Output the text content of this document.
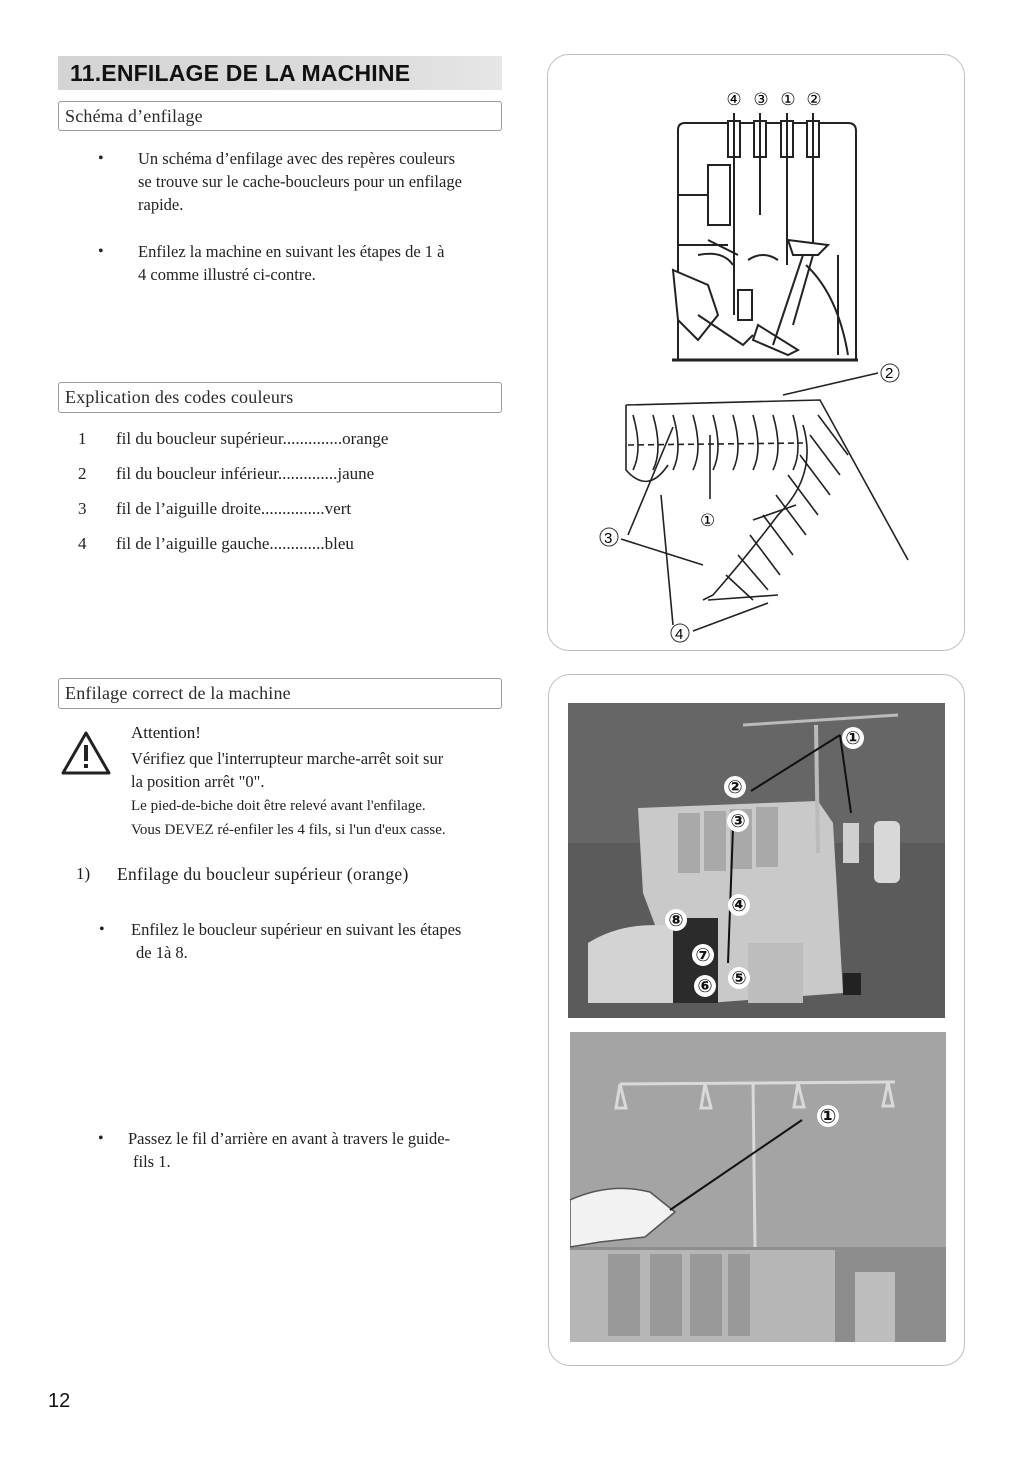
11.ENFILAGE DE LA MACHINE
Schéma d’enfilage
• Un schéma d’enfilage avec des repères couleurs
se trouve sur le cache-boucleurs pour un enfilage
rapide.
• Enfilez la machine en suivant les étapes de 1 à
4 comme illustré ci-contre.
Explication des codes couleurs
1 fil du boucleur supérieur..............orange
2 fil du boucleur inférieur..............jaune
3 fil de l’aiguille droite...............vert
4 fil de l’aiguille gauche.............bleu
④ ③ ① ②
2
①
3
4
Enfilage correct de la machine
Attention!
Vérifiez que l'interrupteur marche-arrêt soit sur
la position arrêt "0".
Le pied-de-biche doit être relevé avant l'enfilage.
Vous DEVEZ ré-enfiler les 4 fils, si l'un d'eux casse.
1) Enfilage du boucleur supérieur (orange)
• Enfilez le boucleur supérieur en suivant les étapes
de 1à 8.
• Passez le fil d’arrière en avant à travers le guide-
fils 1.
①
②
③
④
⑤
⑥
⑦
⑧
①
12
